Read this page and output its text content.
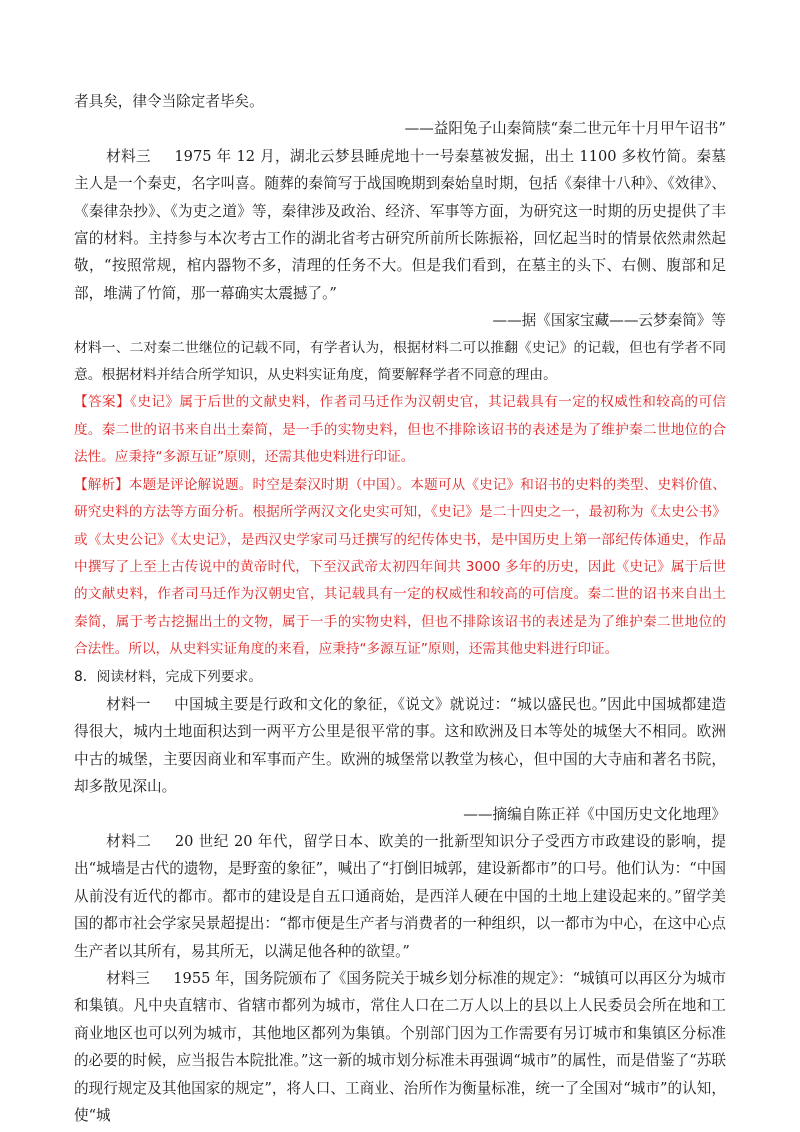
者具矣，律令当除定者毕矣。

——益阳兔子山秦简牍“秦二世元年十月甲午诏书”

材料三 1975 年 12 月，湖北云梦县睡虎地十一号秦墓被发掘，出土 1100 多枚竹简。秦墓主人是一个秦吏，名字叫喜。随葬的秦简写于战国晚期到秦始皇时期，包括《秦律十八种》、《效律》、《秦律杂抄》、《为吏之道》等，秦律涉及政治、经济、军事等方面，为研究这一时期的历史提供了丰富的材料。主持参与本次考古工作的湖北省考古研究所前所长陈振裕，回忆起当时的情景依然肃然起敬，“按照常规，棺内器物不多，清理的任务不大。但是我们看到，在墓主的头下、右侧、腹部和足部，堆满了竹简，那一幕确实太震撼了。”

——据《国家宝藏——云梦秦简》等

材料一、二对秦二世继位的记载不同，有学者认为，根据材料二可以推翻《史记》的记载，但也有学者不同意。根据材料并结合所学知识，从史料实证角度，简要解释学者不同意的理由。

【答案】《史记》属于后世的文献史料，作者司马迁作为汉朝史官，其记载具有一定的权威性和较高的可信度。秦二世的诏书来自出土秦简，是一手的实物史料，但也不排除该诏书的表述是为了维护秦二世地位的合法性。应秉持“多源互证”原则，还需其他史料进行印证。

【解析】本题是评论解说题。时空是秦汉时期（中国）。本题可从《史记》和诏书的史料的类型、史料价值、研究史料的方法等方面分析。根据所学两汉文化史实可知，《史记》是二十四史之一，最初称为《太史公书》或《太史公记》《太史记》，是西汉史学家司马迁撰写的纪传体史书，是中国历史上第一部纪传体通史，作品中撰写了上至上古传说中的黄帝时代，下至汉武帝太初四年间共 3000 多年的历史，因此《史记》属于后世的文献史料，作者司马迁作为汉朝史官，其记载具有一定的权威性和较高的可信度。秦二世的诏书来自出土秦简，属于考古挖掘出土的文物，属于一手的实物史料，但也不排除该诏书的表述是为了维护秦二世地位的合法性。所以，从史料实证角度的来看，应秉持“多源互证”原则，还需其他史料进行印证。

8．阅读材料，完成下列要求。

材料一 中国城主要是行政和文化的象征，《说文》就说过：“城以盛民也。”因此中国城都建造得很大，城内土地面积达到一两平方公里是很平常的事。这和欧洲及日本等处的城堡大不相同。欧洲中古的城堡，主要因商业和军事而产生。欧洲的城堡常以教堂为核心，但中国的大寺庙和著名书院，却多散见深山。

——摘编自陈正祥《中国历史文化地理》

材料二 20 世纪 20 年代，留学日本、欧美的一批新型知识分子受西方市政建设的影响，提出“城墙是古代的遗物，是野蛮的象征”，喊出了“打倒旧城郭，建设新都市”的口号。他们认为：“中国从前没有近代的都市。都市的建设是自五口通商始，是西洋人硬在中国的土地上建设起来的。”留学美国的都市社会学家吴景超提出：“都市便是生产者与消费者的一种组织，以一都市为中心，在这中心点生产者以其所有，易其所无，以满足他各种的欲望。”

材料三 1955 年，国务院颁布了《国务院关于城乡划分标准的规定》：“城镇可以再区分为城市和集镇。凡中央直辖市、省辖市都列为城市，常住人口在二万人以上的县以上人民委员会所在地和工商业地区也可以列为城市，其他地区都列为集镇。个别部门因为工作需要有另订城市和集镇区分标准的必要的时候，应当报告本院批准。”这一新的城市划分标准未再强调“城市”的属性，而是借鉴了“苏联的现行规定及其他国家的规定”，将人口、工商业、治所作为衡量标准，统一了全国对“城市”的认知，使“城
